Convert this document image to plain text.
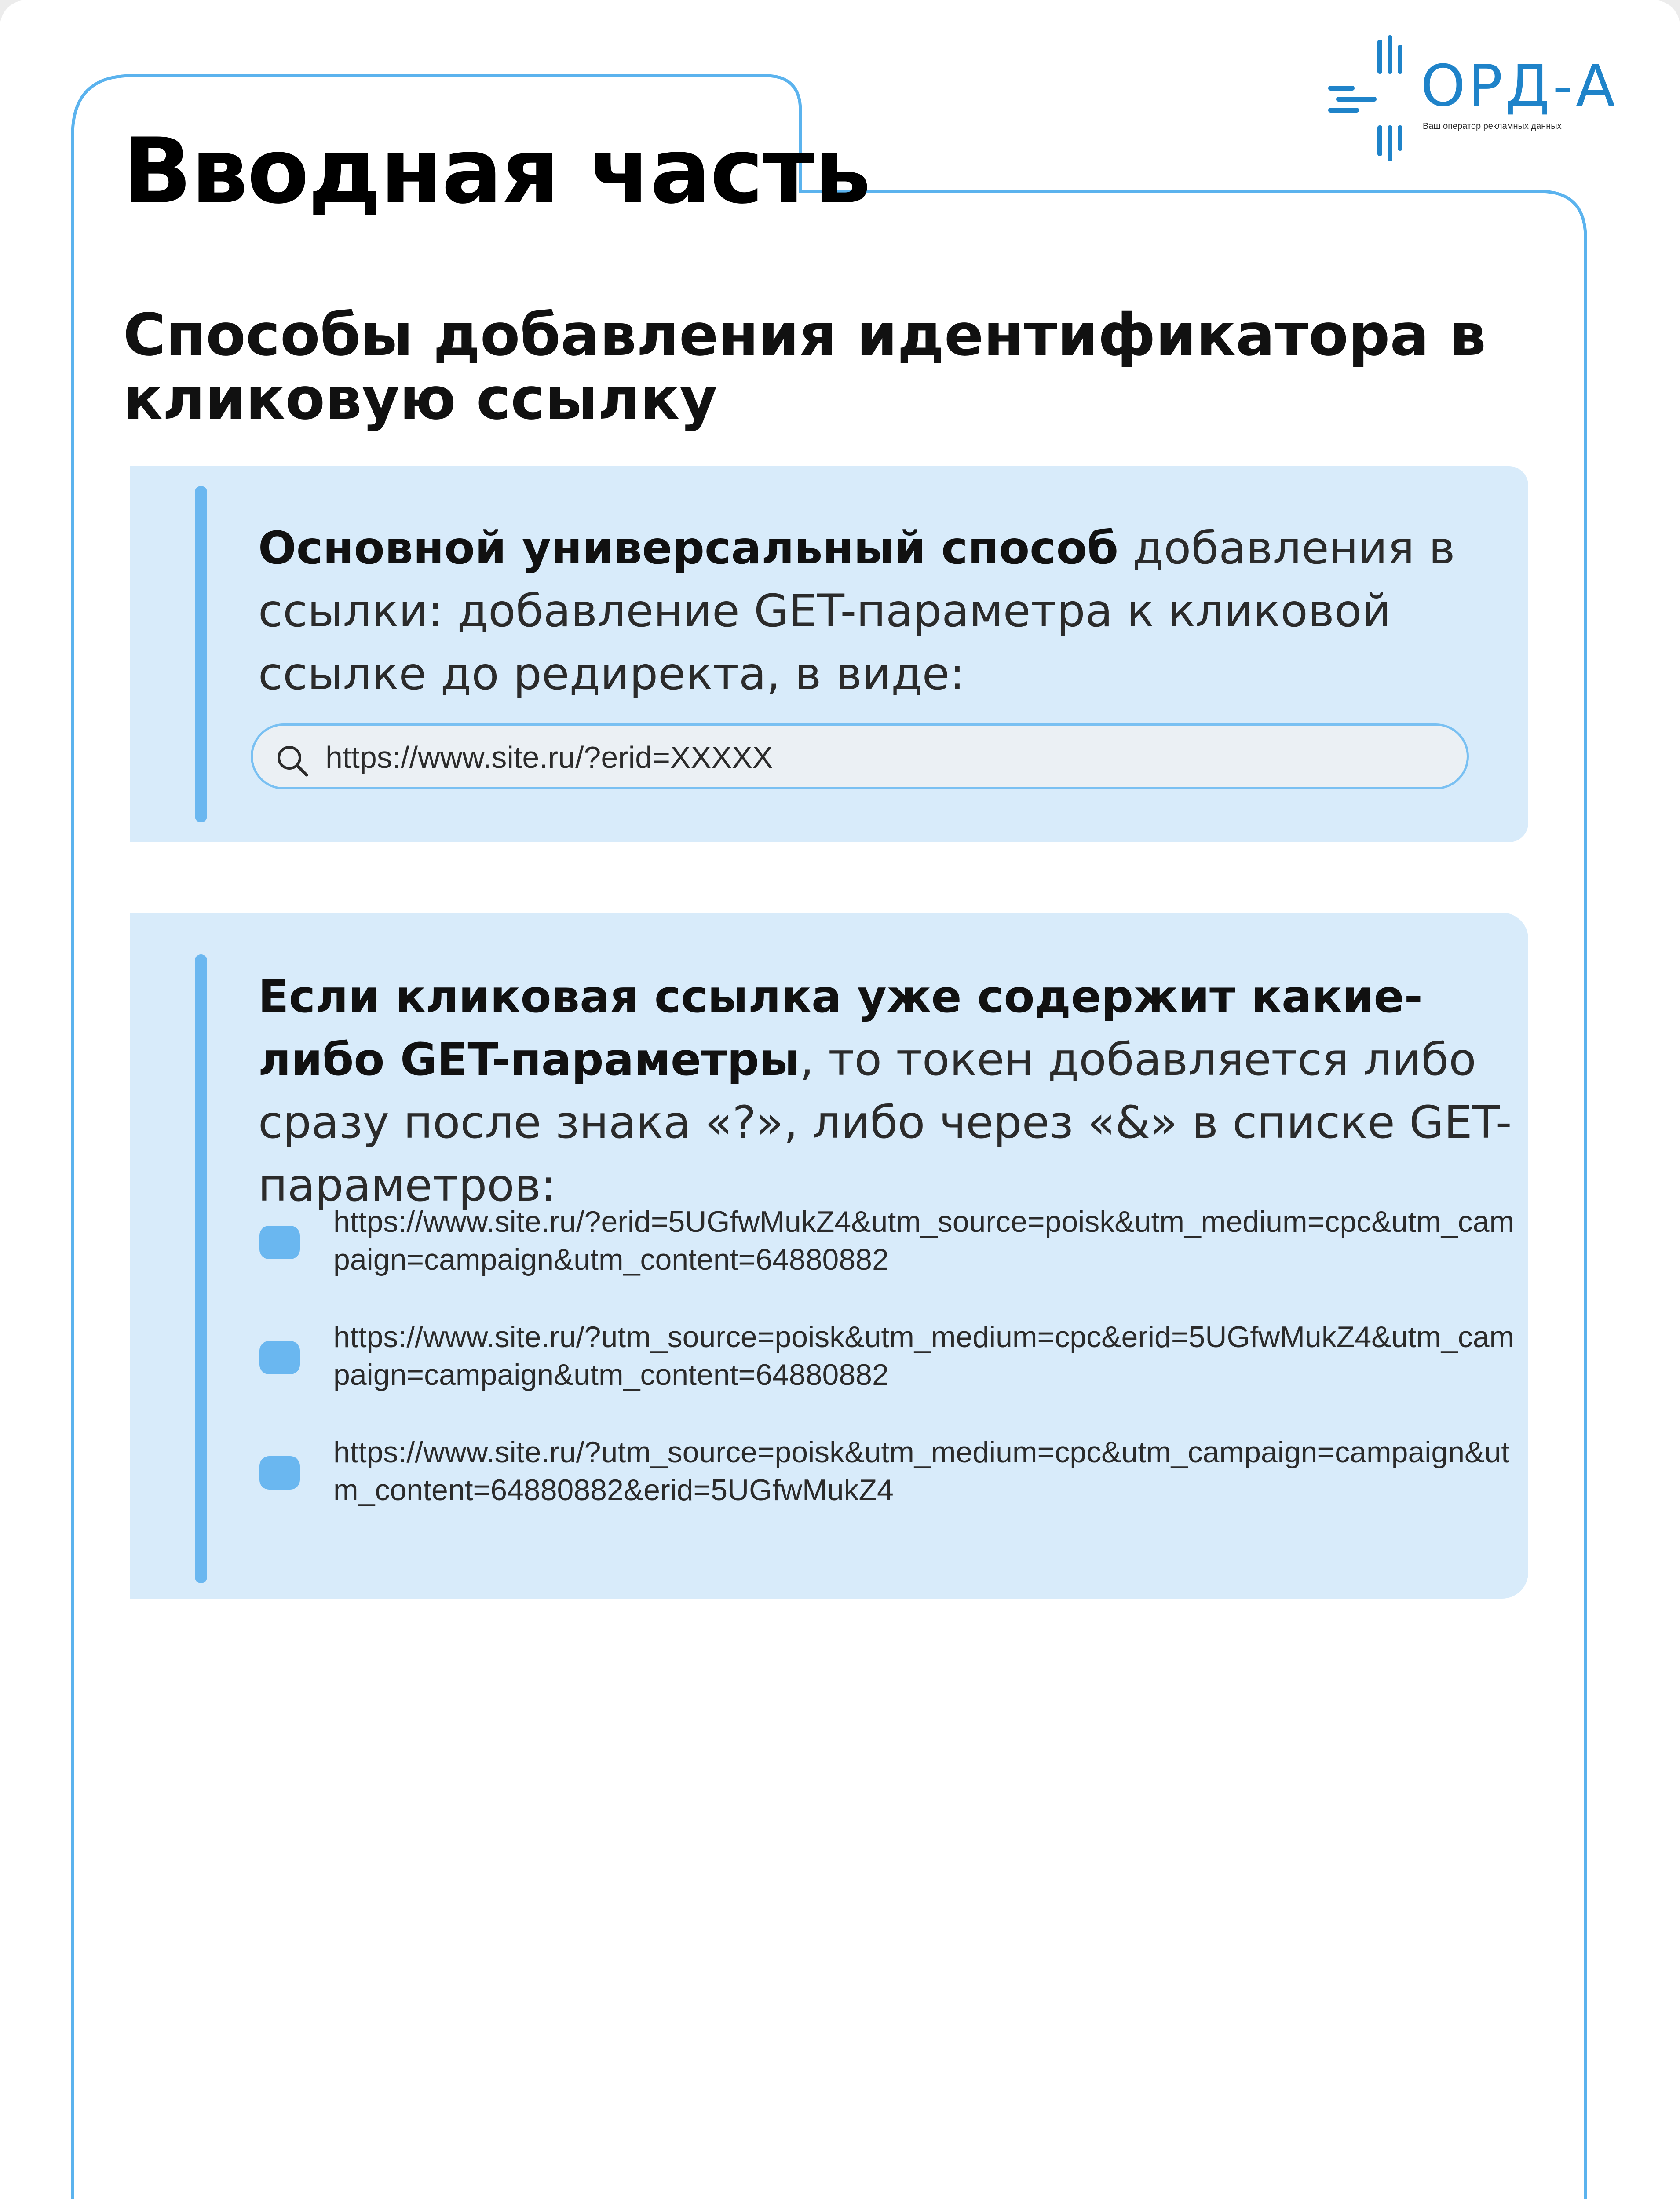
ОРД-А
Ваш оператор рекламных данных
Вводная часть
Способы добавления идентификатора в кликовую ссылку

Основной универсальный способ добавления в ссылки: добавление GET-параметра к кликовой ссылке до редиректа, в виде:

https://www.site.ru/?erid=XXXXX

Если кликовая ссылка уже содержит какие-либо GET-параметры, то токен добавляется либо сразу после знака «?», либо через «&» в списке GET-параметров:

https://www.site.ru/?erid=5UGfwMukZ4&utm_source=poisk&utm_medium=cpc&utm_campaign=campaign&utm_content=64880882
https://www.site.ru/?utm_source=poisk&utm_medium=cpc&erid=5UGfwMukZ4&utm_campaign=campaign&utm_content=64880882
https://www.site.ru/?utm_source=poisk&utm_medium=cpc&utm_campaign=campaign&utm_content=64880882&erid=5UGfwMukZ4
